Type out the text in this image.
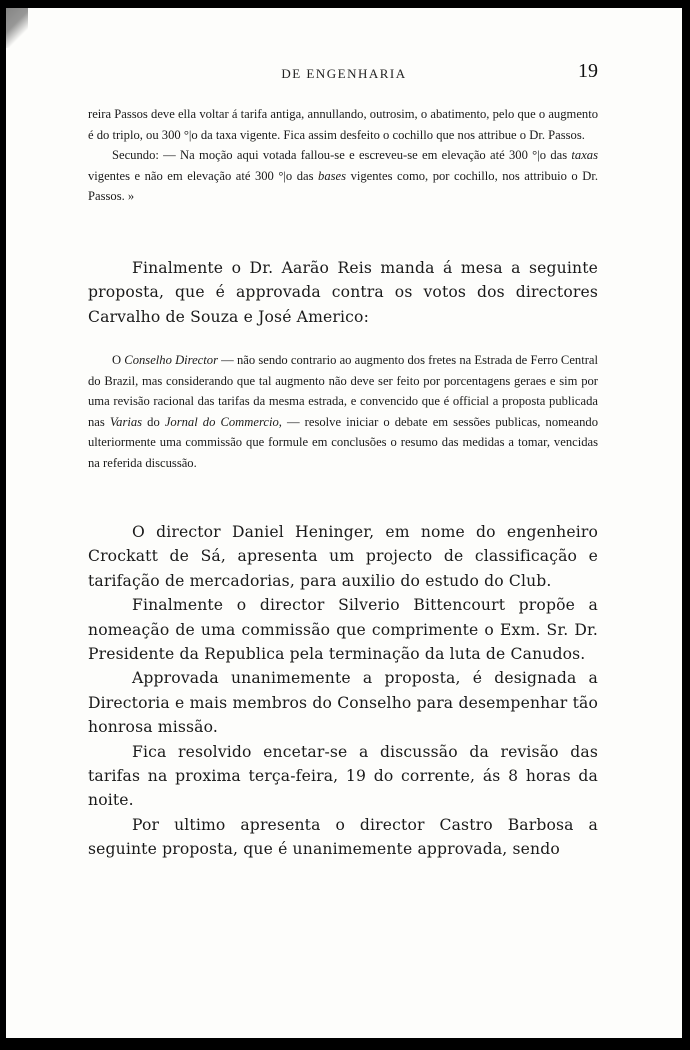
DE ENGENHARIA	19

reira Passos deve ella voltar á tarifa antiga, annullando, outrosim, o abatimento, pelo que o augmento é do triplo, ou 300 °|o da taxa vigente. Fica assim desfeito o cochillo que nos attribue o Dr. Passos.

Secundo: — Na moção aqui votada fallou-se e escreveu-se em elevação até 300 °|o das taxas vigentes e não em elevação até 300 °|o das bases vigentes como, por cochillo, nos attribuio o Dr. Passos. »

Finalmente o Dr. Aarão Reis manda á mesa a seguinte proposta, que é approvada contra os votos dos directores Carvalho de Souza e José Americo:

O Conselho Director — não sendo contrario ao augmento dos fretes na Estrada de Ferro Central do Brazil, mas considerando que tal augmento não deve ser feito por porcentagens geraes e sim por uma revisão racional das tarifas da mesma estrada, e convencido que é official a proposta publicada nas Varias do Jornal do Commercio, — resolve iniciar o debate em sessões publicas, nomeando ulteriormente uma commissão que formule em conclusões o resumo das medidas a tomar, vencidas na referida discussão.

O director Daniel Heninger, em nome do engenheiro Crockatt de Sá, apresenta um projecto de classificação e tarifação de mercadorias, para auxilio do estudo do Club.

Finalmente o director Silverio Bittencourt propõe a nomeação de uma commissão que comprimente o Exm. Sr. Dr. Presidente da Republica pela terminação da luta de Canudos.

Approvada unanimemente a proposta, é designada a Directoria e mais membros do Conselho para desempenhar tão honrosa missão.

Fica resolvido encetar-se a discussão da revisão das tarifas na proxima terça-feira, 19 do corrente, ás 8 horas da noite.

Por ultimo apresenta o director Castro Barbosa a seguinte proposta, que é unanimemente approvada, sendo
